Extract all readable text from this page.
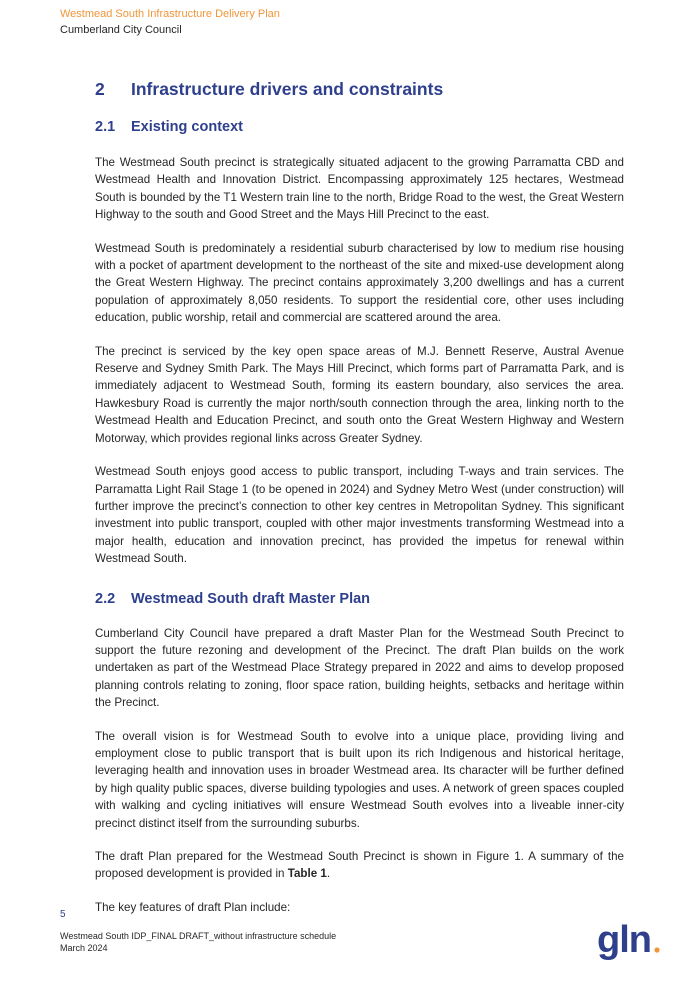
Westmead South Infrastructure Delivery Plan
Cumberland City Council
2	Infrastructure drivers and constraints
2.1	Existing context

The Westmead South precinct is strategically situated adjacent to the growing Parramatta CBD and Westmead Health and Innovation District. Encompassing approximately 125 hectares, Westmead South is bounded by the T1 Western train line to the north, Bridge Road to the west, the Great Western Highway to the south and Good Street and the Mays Hill Precinct to the east.

Westmead South is predominately a residential suburb characterised by low to medium rise housing with a pocket of apartment development to the northeast of the site and mixed-use development along the Great Western Highway. The precinct contains approximately 3,200 dwellings and has a current population of approximately 8,050 residents. To support the residential core, other uses including education, public worship, retail and commercial are scattered around the area.

The precinct is serviced by the key open space areas of M.J. Bennett Reserve, Austral Avenue Reserve and Sydney Smith Park. The Mays Hill Precinct, which forms part of Parramatta Park, and is immediately adjacent to Westmead South, forming its eastern boundary, also services the area. Hawkesbury Road is currently the major north/south connection through the area, linking north to the Westmead Health and Education Precinct, and south onto the Great Western Highway and Western Motorway, which provides regional links across Greater Sydney.

Westmead South enjoys good access to public transport, including T-ways and train services. The Parramatta Light Rail Stage 1 (to be opened in 2024) and Sydney Metro West (under construction) will further improve the precinct’s connection to other key centres in Metropolitan Sydney. This significant investment into public transport, coupled with other major investments transforming Westmead into a major health, education and innovation precinct, has provided the impetus for renewal within Westmead South.

2.2	Westmead South draft Master Plan

Cumberland City Council have prepared a draft Master Plan for the Westmead South Precinct to support the future rezoning and development of the Precinct. The draft Plan builds on the work undertaken as part of the Westmead Place Strategy prepared in 2022 and aims to develop proposed planning controls relating to zoning, floor space ration, building heights, setbacks and heritage within the Precinct.

The overall vision is for Westmead South to evolve into a unique place, providing living and employment close to public transport that is built upon its rich Indigenous and historical heritage, leveraging health and innovation uses in broader Westmead area. Its character will be further defined by high quality public spaces, diverse building typologies and uses. A network of green spaces coupled with walking and cycling initiatives will ensure Westmead South evolves into a liveable inner-city precinct distinct itself from the surrounding suburbs.

The draft Plan prepared for the Westmead South Precinct is shown in Figure 1. A summary of the proposed development is provided in Table 1.

The key features of draft Plan include:

5
Westmead South IDP_FINAL DRAFT_without infrastructure schedule
March 2024	gln
